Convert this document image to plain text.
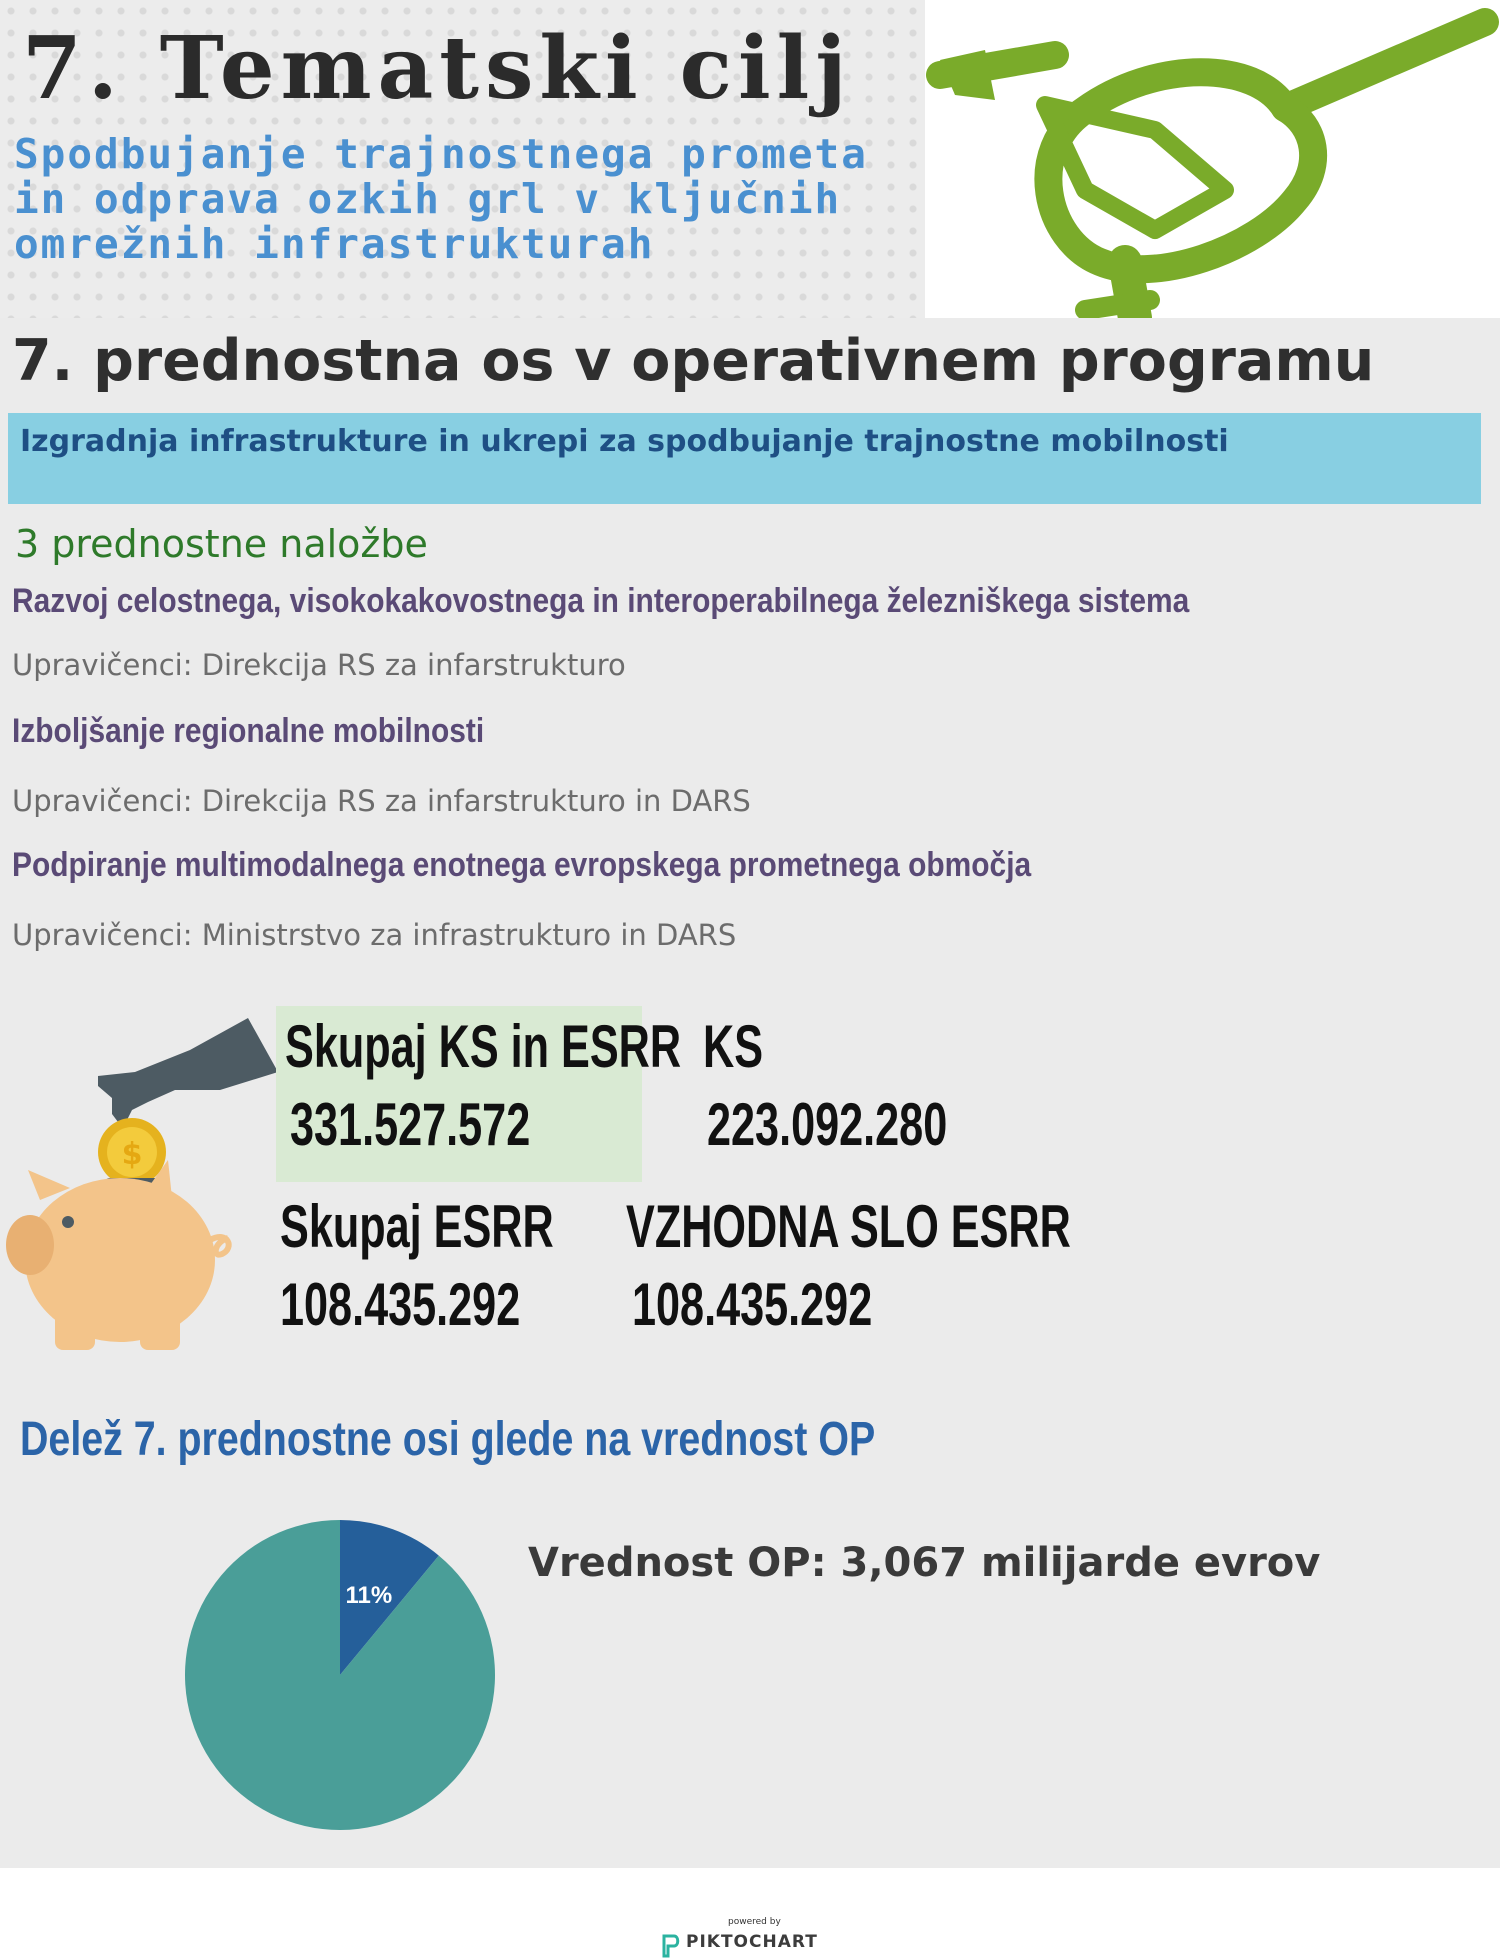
7. Tematski cilj
Spodbujanje trajnostnega prometa in odprava ozkih grl v ključnih omrežnih infrastrukturah
7. prednostna os v operativnem programu
Izgradnja infrastrukture in ukrepi za spodbujanje trajnostne mobilnosti
3 prednostne naložbe
Razvoj celostnega, visokokakovostnega in interoperabilnega železniškega sistema
Upravičenci: Direkcija RS za infarstrukturo
Izboljšanje regionalne mobilnosti
Upravičenci: Direkcija RS za infarstrukturo in DARS
Podpiranje multimodalnega enotnega evropskega prometnega območja
Upravičenci: Ministrstvo za infrastrukturo in DARS
$
Skupaj KS in ESRR
331.527.572
KS
223.092.280
Skupaj ESRR
108.435.292
VZHODNA SLO ESRR
108.435.292
Delež 7. prednostne osi glede na vrednost OP
11%
Vrednost OP: 3,067 milijarde evrov
powered by
PIKTOCHART
